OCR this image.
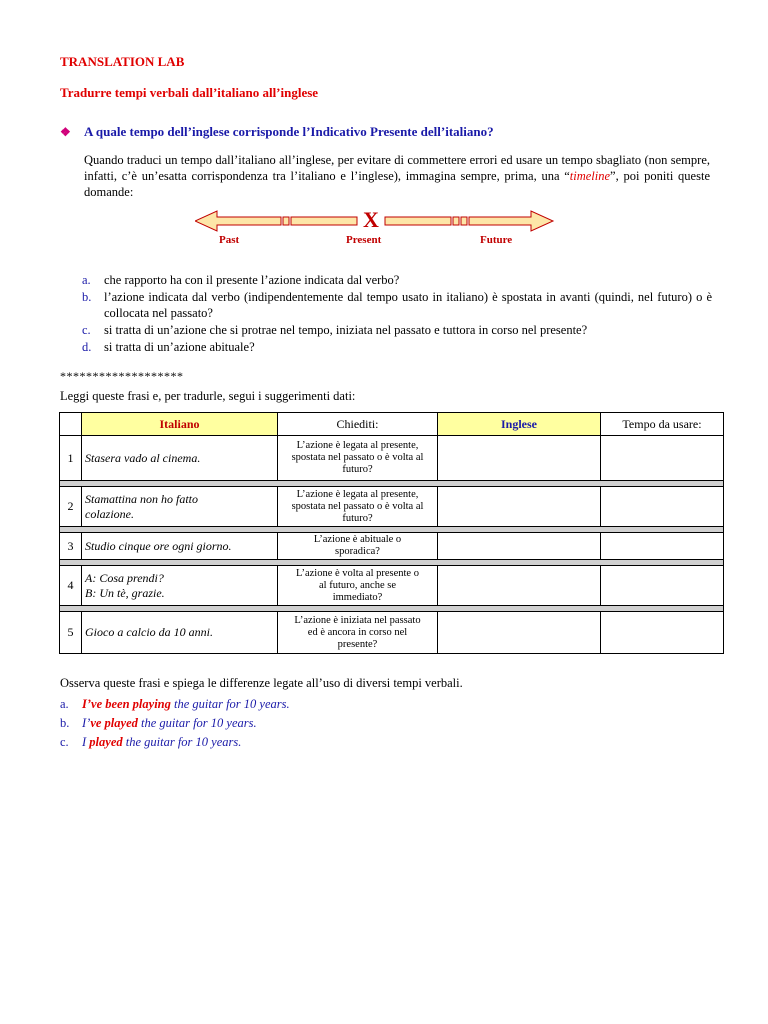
TRANSLATION LAB
Tradurre tempi verbali dall’italiano all’inglese
❖ A quale tempo dell’inglese corrisponde l’Indicativo Presente dell’italiano?
Quando traduci un tempo dall’italiano all’inglese, per evitare di commettere errori ed usare un tempo sbagliato (non sempre, infatti, c’è un’esatta corrispondenza tra l’italiano e l’inglese), immagina sempre, prima, una “timeline”, poi poniti queste domande:
X
Past	Present	Future
a. che rapporto ha con il presente l’azione indicata dal verbo?
b. l’azione indicata dal verbo (indipendentemente dal tempo usato in italiano) è spostata in avanti (quindi, nel futuro) o è collocata nel passato?
c. si tratta di un’azione che si protrae nel tempo, iniziata nel passato e tuttora in corso nel presente?
d. si tratta di un’azione abituale?
*******************
Leggi queste frasi e, per tradurle, segui i suggerimenti dati:
	Italiano	Chiediti:	Inglese	Tempo da usare:
1	Stasera vado al cinema.	L’azione è legata al presente,
spostata nel passato o è volta al
futuro?		

2	Stamattina non ho fatto
colazione.	L’azione è legata al presente,
spostata nel passato o è volta al
futuro?		

3	Studio cinque ore ogni giorno.	L’azione è abituale o
sporadica?		

4	A: Cosa prendi?
B: Un tè, grazie.	L’azione è volta al presente o
al futuro, anche se
immediato?		

5	Gioco a calcio da 10 anni.	L’azione è iniziata nel passato
ed è ancora in corso nel
presente?		
Osserva queste frasi e spiega le differenze legate all’uso di diversi tempi verbali.
a. I’ve been playing the guitar for 10 years.
b. I’ve played the guitar for 10 years.
c. I played the guitar for 10 years.
